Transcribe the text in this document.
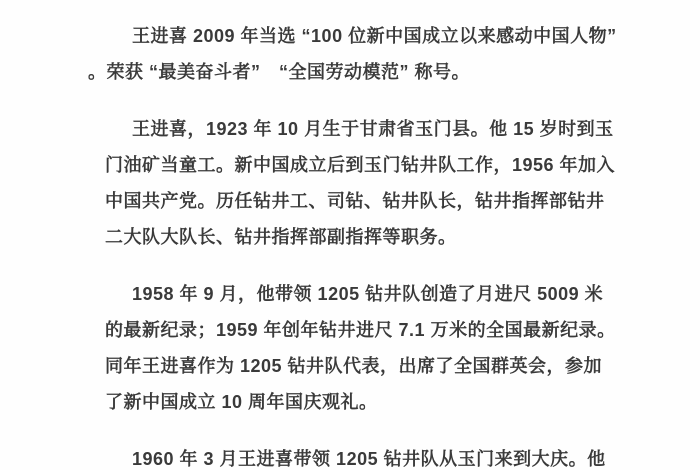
王进喜 2009 年当选 “100 位新中国成立以来感动中国人物”
。荣获 “最美奋斗者”　“全国劳动模范” 称号。

王进喜，1923 年 10 月生于甘肃省玉门县。他 15 岁时到玉
门油矿当童工。新中国成立后到玉门钻井队工作，1956 年加入
中国共产党。历任钻井工、司钻、钻井队长，钻井指挥部钻井
二大队大队长、钻井指挥部副指挥等职务。

1958 年 9 月，他带领 1205 钻井队创造了月进尺 5009 米
的最新纪录；1959 年创年钻井进尺 7.1 万米的全国最新纪录。
同年王进喜作为 1205 钻井队代表，出席了全国群英会，参加
了新中国成立 10 周年国庆观礼。

1960 年 3 月王进喜带领 1205 钻井队从玉门来到大庆。他
